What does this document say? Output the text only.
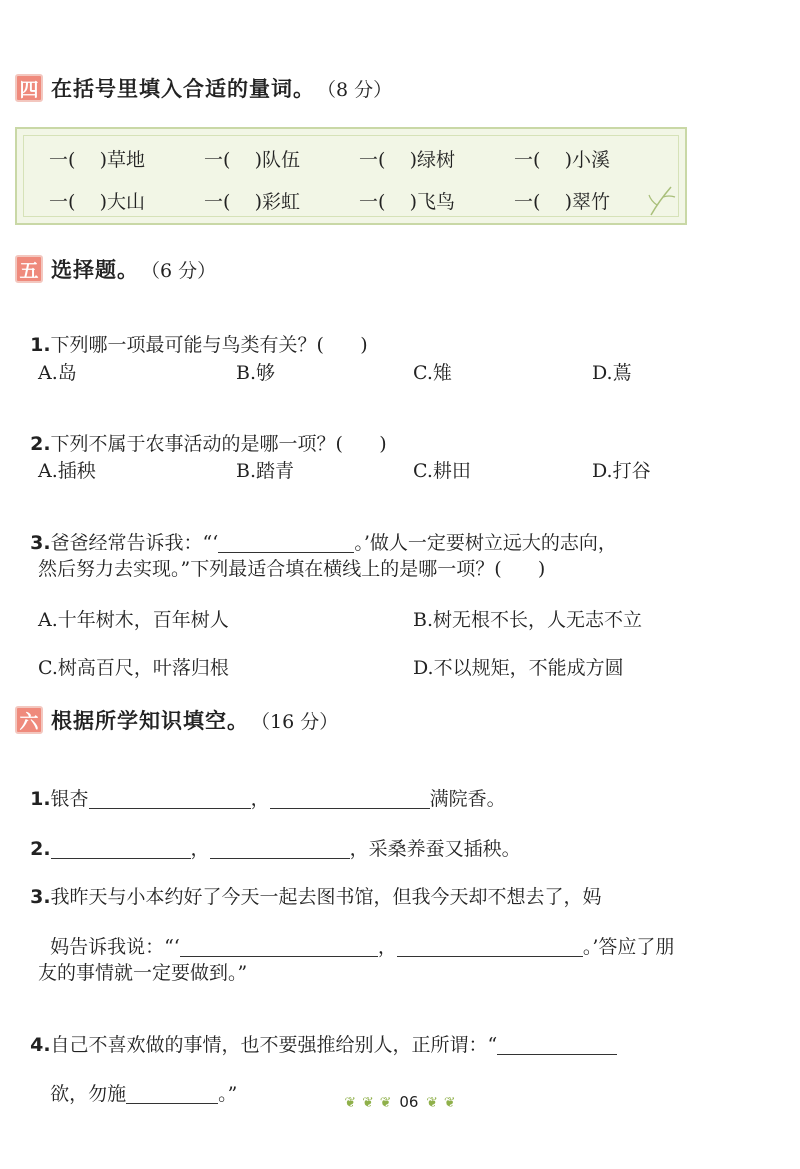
四 在括号里填入合适的量词。 （8 分）
一(    )草地	一(    )队伍	一(    )绿树	一(    )小溪
一(    )大山	一(    )彩虹	一(    )飞鸟	一(    )翠竹
五 选择题。 （6 分）

1.下列哪一项最可能与鸟类有关？(      )

A.岛	B.够	C.雉	D.蔦

2.下列不属于农事活动的是哪一项？(      )

A.插秧	B.踏青	C.耕田	D.打谷

3.爸爸经常告诉我：“‘	。’做人一定要树立远大的志向，

然后努力去实现。”下列最适合填在横线上的是哪一项？(      )
A.十年树木，百年树人	B.树无根不长，人无志不立
C.树高百尺，叶落归根	D.不以规矩，不能成方圆
六 根据所学知识填空。 （16 分）

1.银杏	，	满院香。

2.	，	，采桑养蚕又插秧。

3.我昨天与小本约好了今天一起去图书馆，但我今天却不想去了，妈

妈告诉我说：“‘	，	。’答应了朋

友的事情就一定要做到。”

4.自己不喜欢做的事情，也不要强推给别人，正所谓：“

欲，勿施	。”	❦ ❦ ❦ 06 ❦ ❦
